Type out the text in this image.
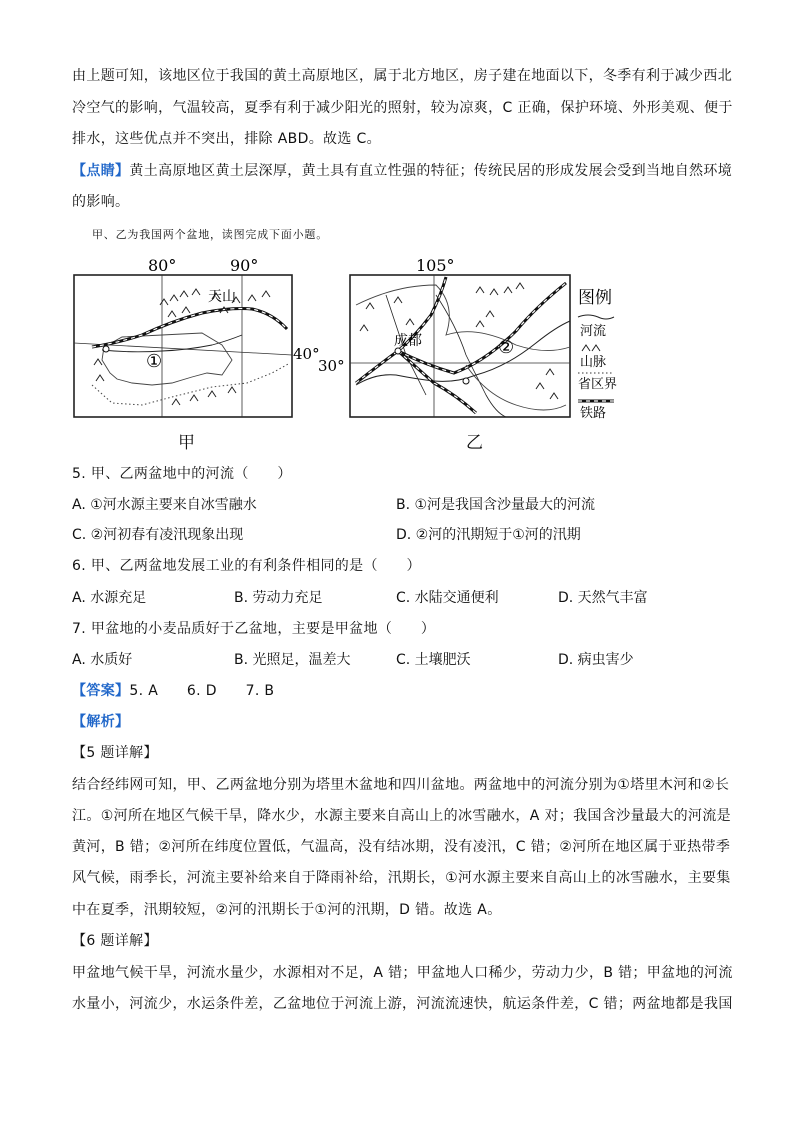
由上题可知，该地区位于我国的黄土高原地区，属于北方地区，房子建在地面以下，冬季有利于减少西北
冷空气的影响，气温较高，夏季有利于减少阳光的照射，较为凉爽，C 正确，保护环境、外形美观、便于
排水，这些优点并不突出，排除 ABD。故选 C。
【点睛】黄土高原地区黄土层深厚，黄土具有直立性强的特征；传统民居的形成发展会受到当地自然环境
的影响。
甲、乙为我国两个盆地，读图完成下面小题。
80°	90°
40°
天山
①
甲
105°
30°
成都	②
图例
河流
山脉
省区界
铁路
乙
5. 甲、乙两盆地中的河流（　　）
A. ①河水源主要来自冰雪融水	B. ①河是我国含沙量最大的河流
C. ②河初春有凌汛现象出现	D. ②河的汛期短于①河的汛期
6. 甲、乙两盆地发展工业的有利条件相同的是（　　）
A. 水源充足	B. 劳动力充足	C. 水陆交通便利	D. 天然气丰富
7. 甲盆地的小麦品质好于乙盆地，主要是甲盆地（　　）
A. 水质好	B. 光照足，温差大	C. 土壤肥沃	D. 病虫害少
【答案】5. A　　6. D　　7. B
【解析】
【5 题详解】
结合经纬网可知，甲、乙两盆地分别为塔里木盆地和四川盆地。两盆地中的河流分别为①塔里木河和②长
江。①河所在地区气候干旱，降水少，水源主要来自高山上的冰雪融水，A 对；我国含沙量最大的河流是
黄河，B 错；②河所在纬度位置低，气温高，没有结冰期，没有凌汛，C 错；②河所在地区属于亚热带季
风气候，雨季长，河流主要补给来自于降雨补给，汛期长，①河水源主要来自高山上的冰雪融水，主要集
中在夏季，汛期较短，②河的汛期长于①河的汛期，D 错。故选 A。
【6 题详解】
甲盆地气候干旱，河流水量少，水源相对不足，A 错；甲盆地人口稀少，劳动力少，B 错；甲盆地的河流
水量小，河流少，水运条件差，乙盆地位于河流上游，河流流速快，航运条件差，C 错；两盆地都是我国
